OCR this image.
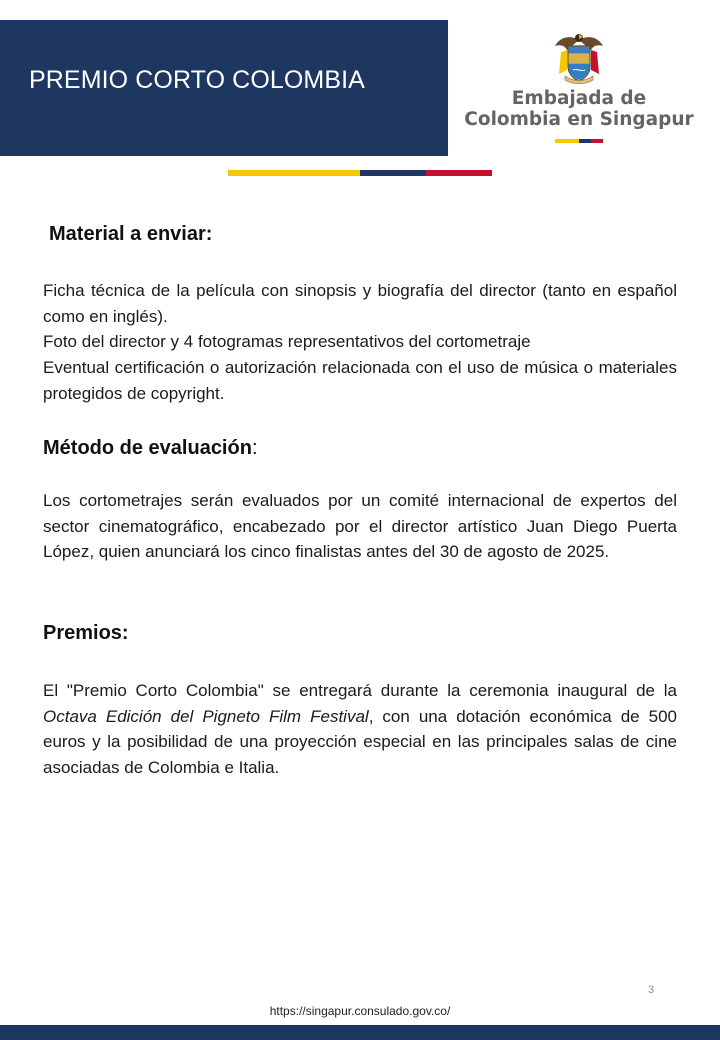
PREMIO CORTO COLOMBIA
Embajada de
Colombia en Singapur
Material a enviar:

Ficha técnica de la película con sinopsis y biografía del director (tanto en español como en inglés).

Foto del director y 4 fotogramas representativos del cortometraje

Eventual certificación o autorización relacionada con el uso de música o materiales protegidos de copyright.

Método de evaluación:

Los cortometrajes serán evaluados por un comité internacional de expertos del sector cinematográfico, encabezado por el director artístico Juan Diego Puerta López, quien anunciará los cinco finalistas antes del 30 de agosto de 2025.

Premios:

El "Premio Corto Colombia" se entregará durante la ceremonia inaugural de la Octava Edición del Pigneto Film Festival, con una dotación económica de 500 euros y la posibilidad de una proyección especial en las principales salas de cine asociadas de Colombia e Italia.

3
https://singapur.consulado.gov.co/
